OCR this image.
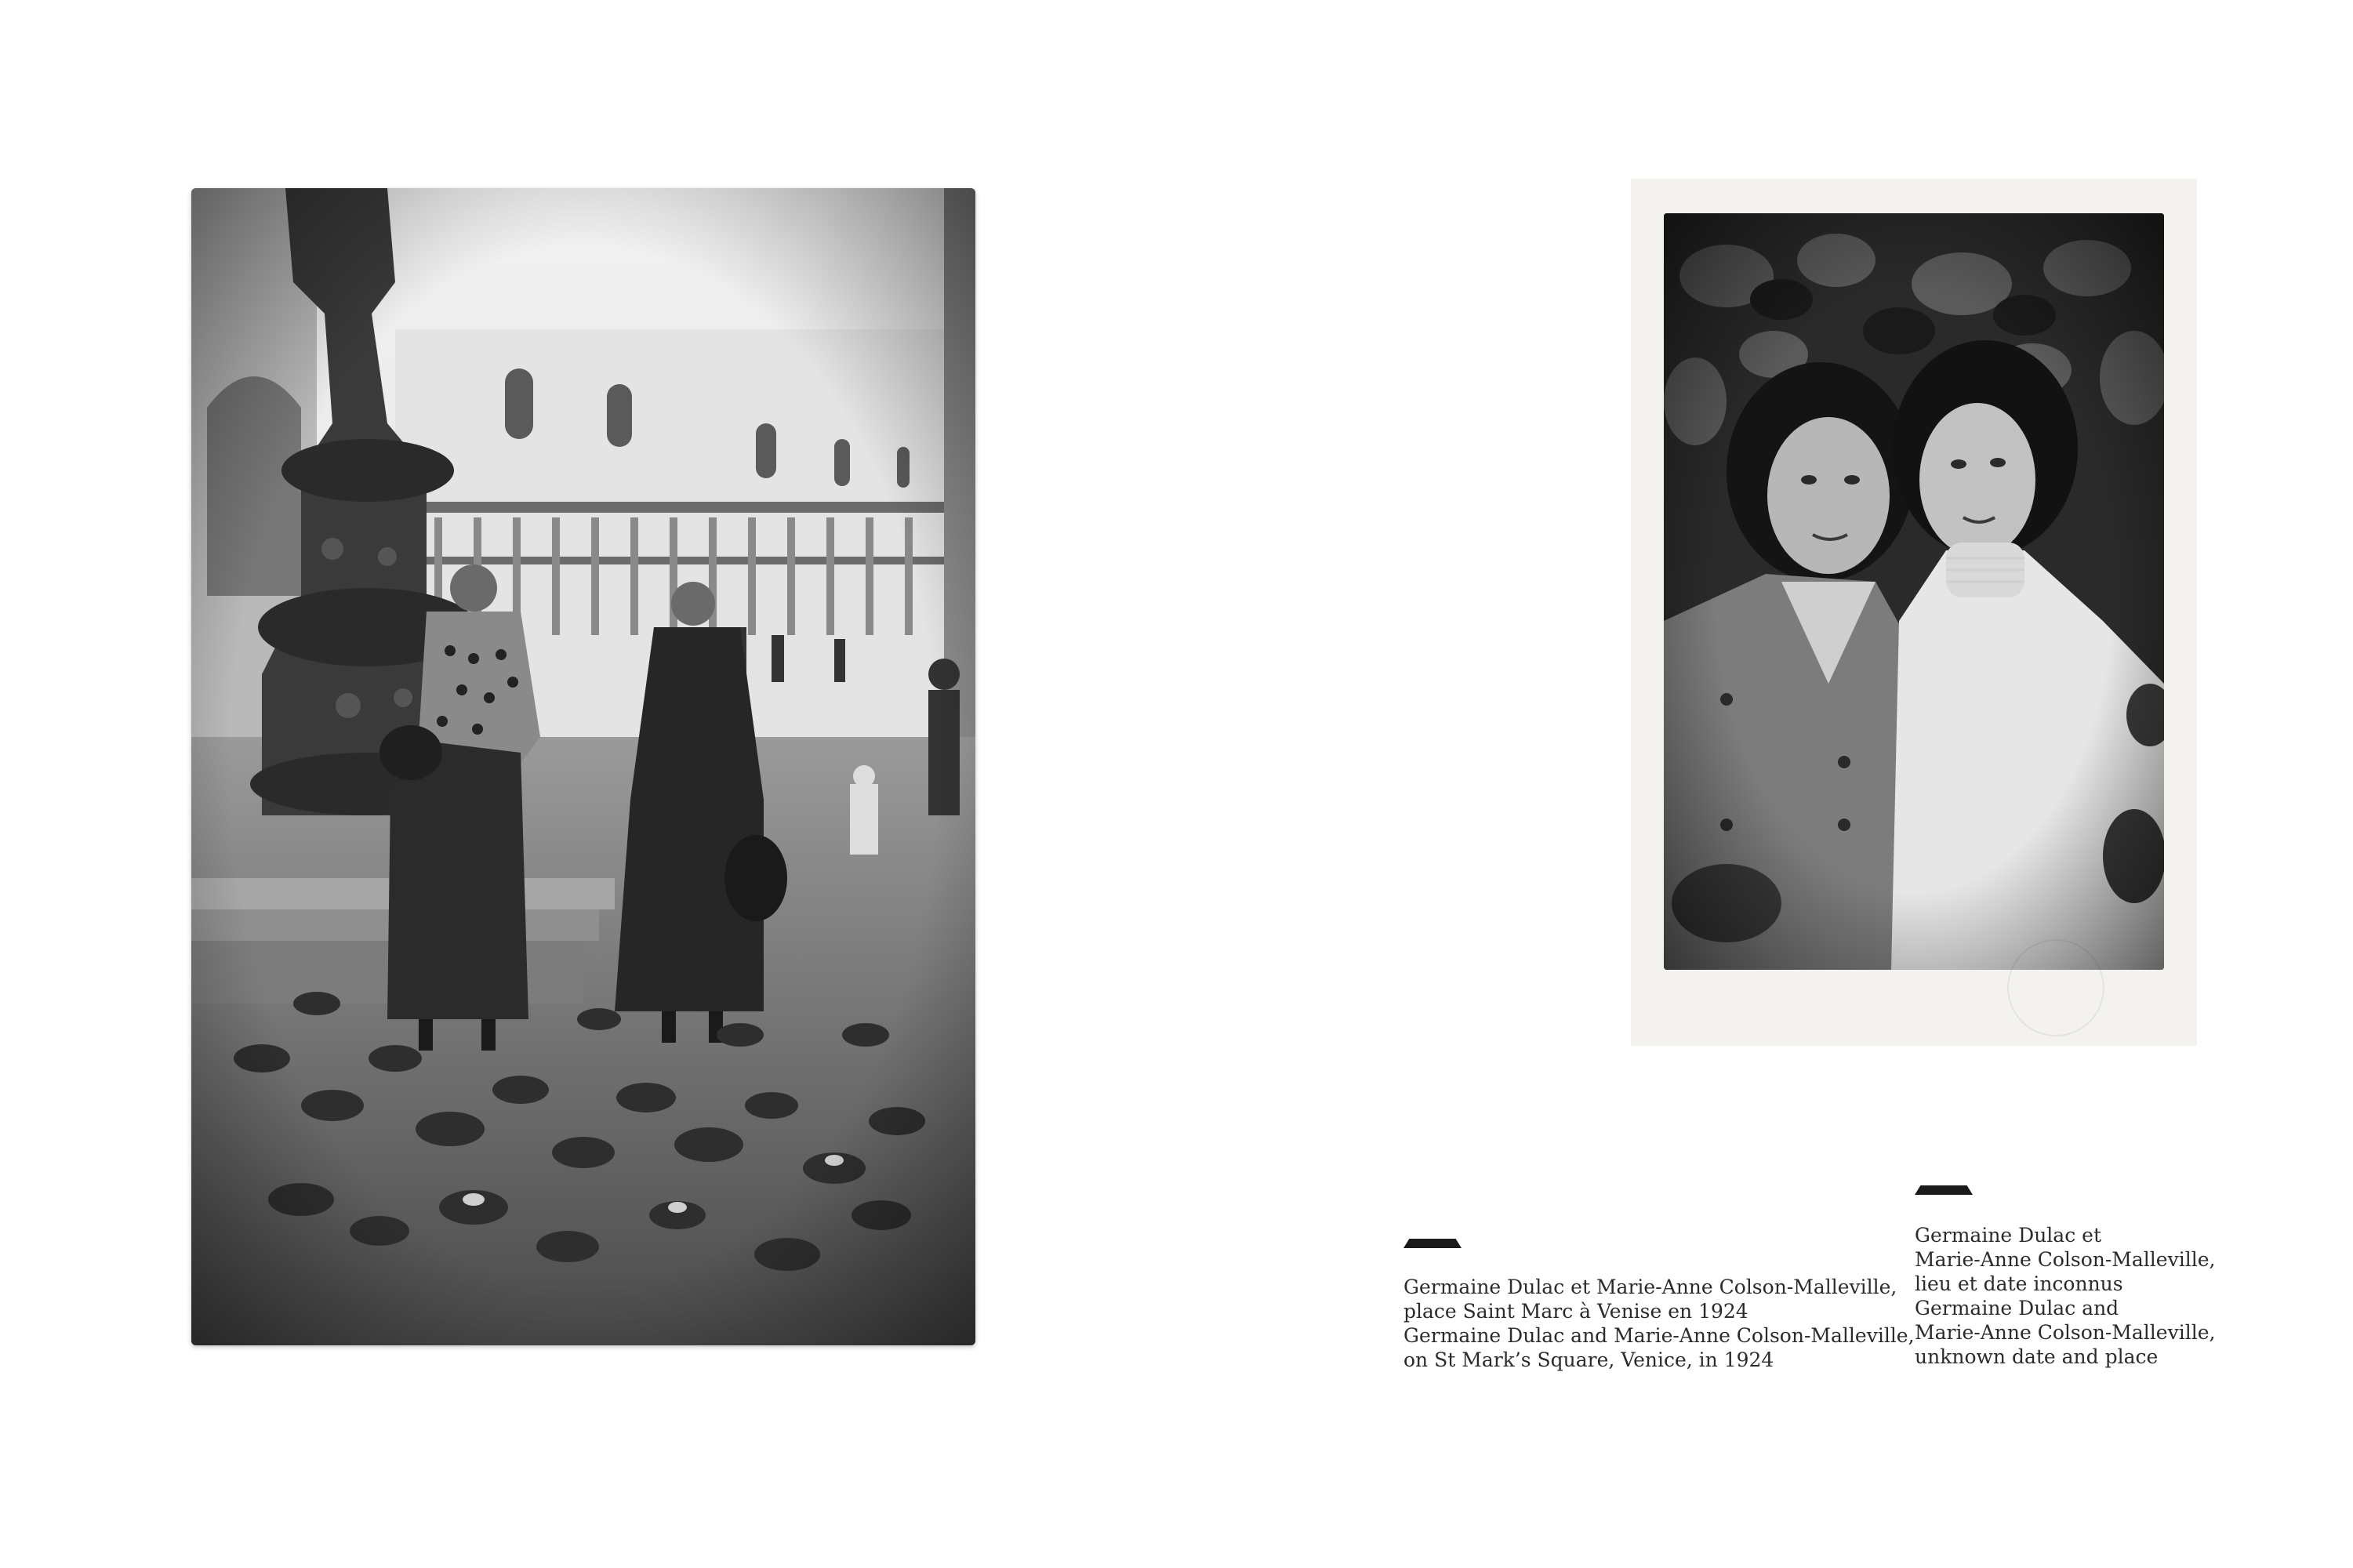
Germaine Dulac et Marie-Anne Colson-Malleville,
place Saint Marc à Venise en 1924
Germaine Dulac and Marie-Anne Colson-Malleville,
on St Mark’s Square, Venice, in 1924
Germaine Dulac et
Marie-Anne Colson-Malleville,
lieu et date inconnus
Germaine Dulac and
Marie-Anne Colson-Malleville,
unknown date and place
